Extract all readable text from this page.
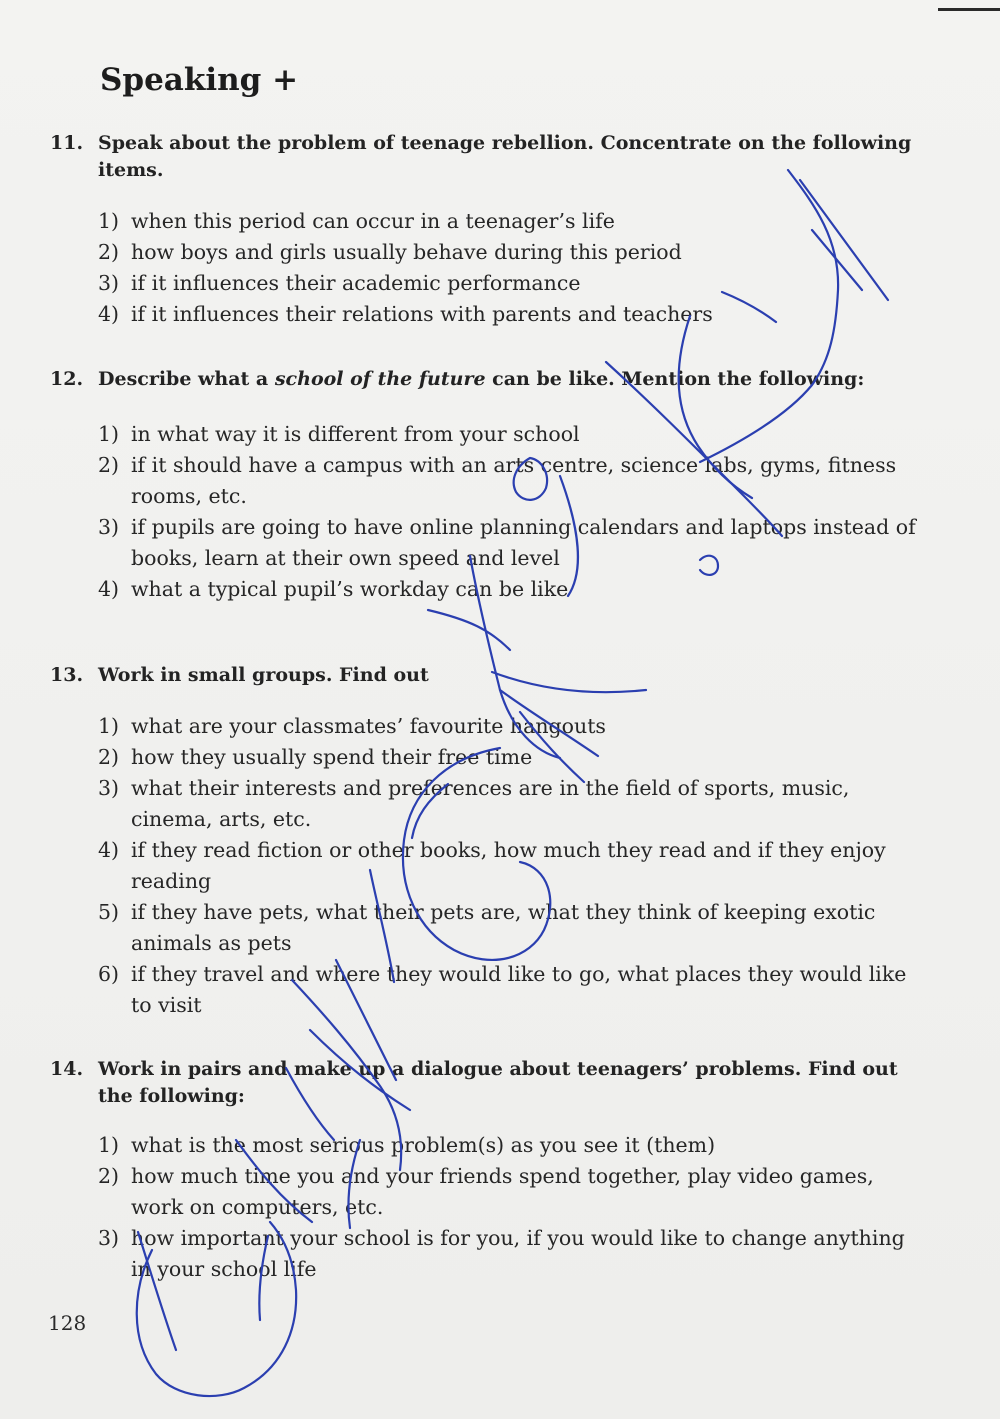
Speaking +
11. Speak about the problem of teenage rebellion. Concentrate on the following items.
1) when this period can occur in a teenager’s life
2) how boys and girls usually behave during this period
3) if it influences their academic performance
4) if it influences their relations with parents and teachers
12. Describe what a school of the future can be like. Mention the following:
1) in what way it is different from your school
2) if it should have a campus with an arts centre, science labs, gyms, fitness rooms, etc.
3) if pupils are going to have online planning calendars and laptops instead of books, learn at their own speed and level
4) what a typical pupil’s workday can be like
13. Work in small groups. Find out
1) what are your classmates’ favourite hangouts
2) how they usually spend their free time
3) what their interests and preferences are in the field of sports, music, cinema, arts, etc.
4) if they read fiction or other books, how much they read and if they enjoy reading
5) if they have pets, what their pets are, what they think of keeping exotic animals as pets
6) if they travel and where they would like to go, what places they would like to visit
14. Work in pairs and make up a dialogue about teenagers’ problems. Find out the following:
1) what is the most serious problem(s) as you see it (them)
2) how much time you and your friends spend together, play video games, work on computers, etc.
3) how important your school is for you, if you would like to change anything in your school life
128
